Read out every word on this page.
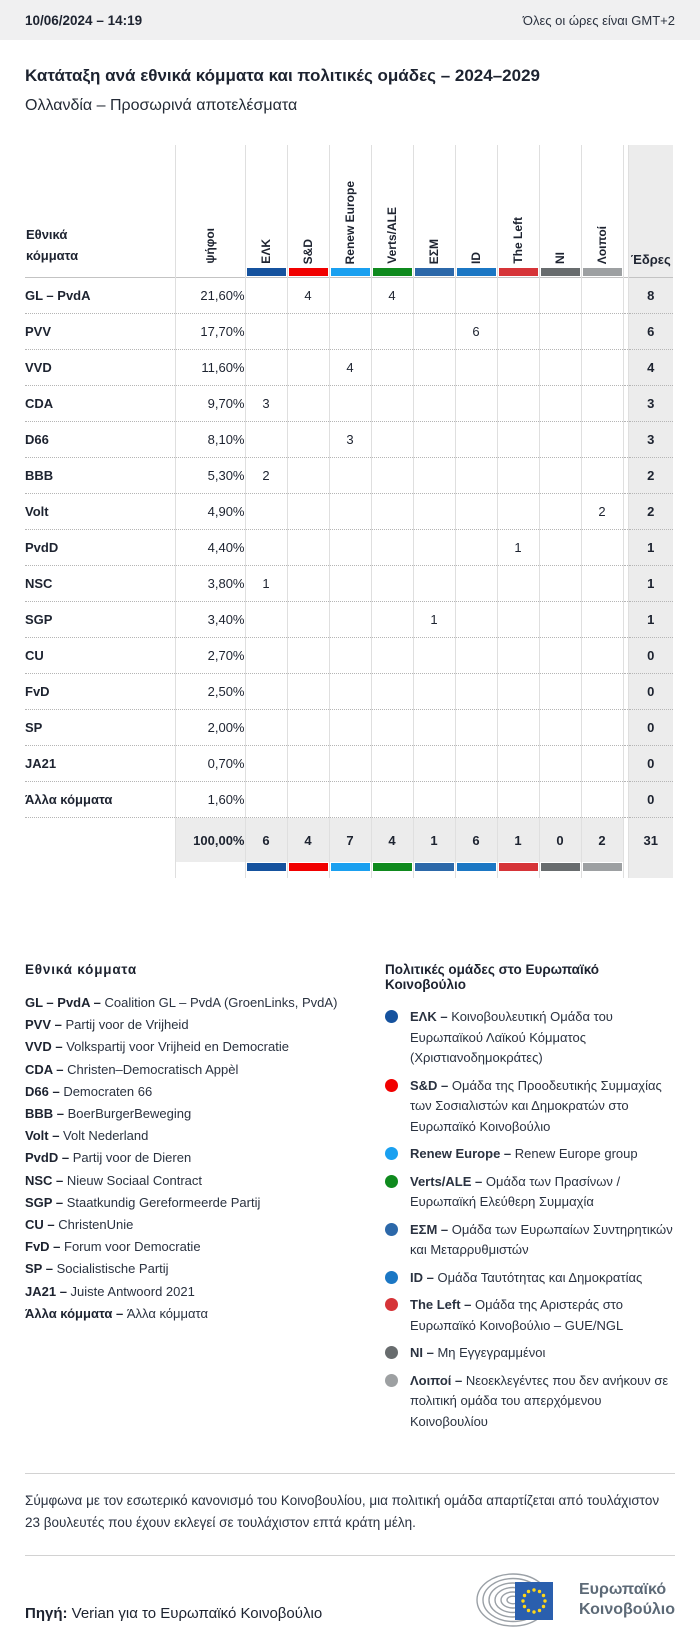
10/06/2024 – 14:19	Όλες οι ώρες είναι GMT+2
Κατάταξη ανά εθνικά κόμματα και πολιτικές ομάδες – 2024–2029
Ολλανδία – Προσωρινά αποτελέσματα
Εθνικά κόμματα	ψήφοι	ΕΛΚ	S&D	Renew Europe	Verts/ALE	ΕΣΜ	ID	The Left	NI	Λοιποί		Έδρες

GL – PvdA	21,60%		4		4							8
PVV	17,70%						6					6
VVD	11,60%			4								4
CDA	9,70%	3										3
D66	8,10%			3								3
BBB	5,30%	2										2
Volt	4,90%									2		2
PvdD	4,40%							1				1
NSC	3,80%	1										1
SGP	3,40%					1						1
CU	2,70%											0
FvD	2,50%											0
SP	2,00%											0
JA21	0,70%											0
Άλλα κόμματα	1,60%											0
	100,00%	6	4	7	4	1	6	1	0	2		31

Εθνικά κόμματα
GL – PvdA – Coalition GL – PvdA (GroenLinks, PvdA)
PVV – Partij voor de Vrijheid
VVD – Volkspartij voor Vrijheid en Democratie
CDA – Christen–Democratisch Appèl
D66 – Democraten 66
BBB – BoerBurgerBeweging
Volt – Volt Nederland
PvdD – Partij voor de Dieren
NSC – Nieuw Sociaal Contract
SGP – Staatkundig Gereformeerde Partij
CU – ChristenUnie
FvD – Forum voor Democratie
SP – Socialistische Partij
JA21 – Juiste Antwoord 2021
Άλλα κόμματα – Άλλα κόμματα
Πολιτικές ομάδες στο Ευρωπαϊκό Κοινοβούλιο
ΕΛΚ – Κοινοβουλευτική Ομάδα του Ευρωπαϊκού Λαϊκού Κόμματος (Χριστιανοδημοκράτες)
S&D – Ομάδα της Προοδευτικής Συμμαχίας των Σοσιαλιστών και Δημοκρατών στο Ευρωπαϊκό Κοινοβούλιο
Renew Europe – Renew Europe group
Verts/ALE – Ομάδα των Πρασίνων / Ευρωπαϊκή Ελεύθερη Συμμαχία
ΕΣΜ – Ομάδα των Ευρωπαίων Συντηρητικών και Μεταρρυθμιστών
ID – Ομάδα Ταυτότητας και Δημοκρατίας
The Left – Ομάδα της Αριστεράς στο Ευρωπαϊκό Κοινοβούλιο – GUE/NGL
NI – Μη Εγγεγραμμένοι
Λοιποί – Νεοεκλεγέντες που δεν ανήκουν σε πολιτική ομάδα του απερχόμενου Κοινοβουλίου
Σύμφωνα με τον εσωτερικό κανονισμό του Κοινοβουλίου, μια πολιτική ομάδα απαρτίζεται από τουλάχιστον 23 βουλευτές που έχουν εκλεγεί σε τουλάχιστον επτά κράτη μέλη.
Πηγή: Verian για το Ευρωπαϊκό Κοινοβούλιο
Ευρωπαϊκό
Κοινοβούλιο
